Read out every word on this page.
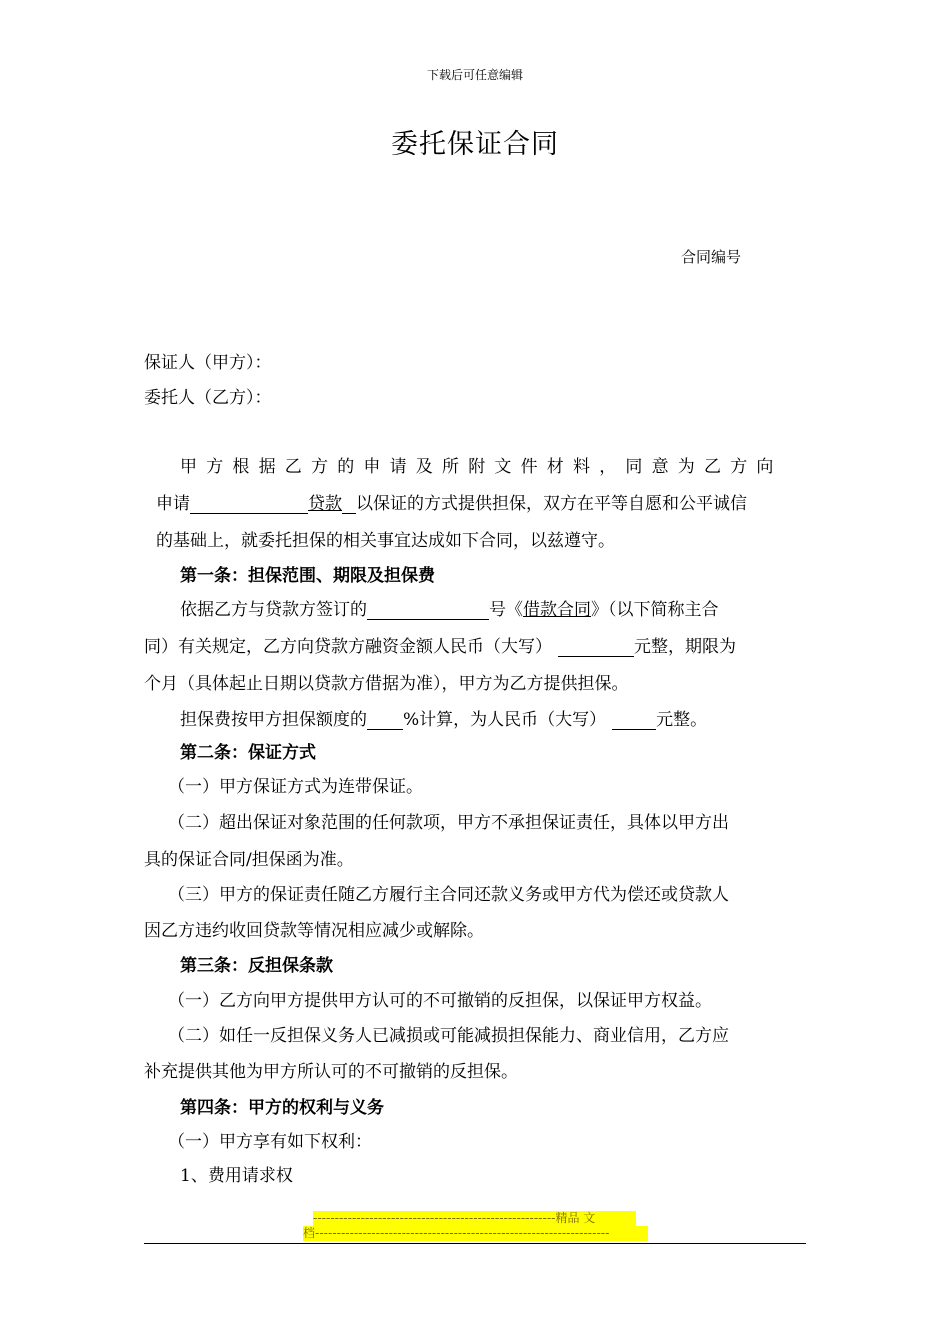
下载后可任意编辑
委托保证合同
合同编号
保证人（甲方）：
委托人（乙方）：
甲方根据乙方的申请及所附文件材料，同意为乙方向
申请	贷款 以保证的方式提供担保，双方在平等自愿和公平诚信
的基础上，就委托担保的相关事宜达成如下合同，以兹遵守。
第一条：担保范围、期限及担保费
依据乙方与贷款方签订的	号《借款合同》（以下简称主合
同）有关规定，乙方向贷款方融资金额人民币（大写）	元整，期限为
个月（具体起止日期以贷款方借据为准），甲方为乙方提供担保。
担保费按甲方担保额度的 %计算，为人民币（大写）	元整。
第二条：保证方式
（一）甲方保证方式为连带保证。
（二）超出保证对象范围的任何款项，甲方不承担保证责任，具体以甲方出
具的保证合同/担保函为准。
（三）甲方的保证责任随乙方履行主合同还款义务或甲方代为偿还或贷款人
因乙方违约收回贷款等情况相应减少或解除。
第三条：反担保条款
（一）乙方向甲方提供甲方认可的不可撤销的反担保，以保证甲方权益。
（二）如任一反担保义务人已减损或可能减损担保能力、商业信用，乙方应
补充提供其他为甲方所认可的不可撤销的反担保。
第四条：甲方的权利与义务
（一）甲方享有如下权利：
1、费用请求权
--------------------------------------------------------精品 文
档--------------------------------------------------------------------
